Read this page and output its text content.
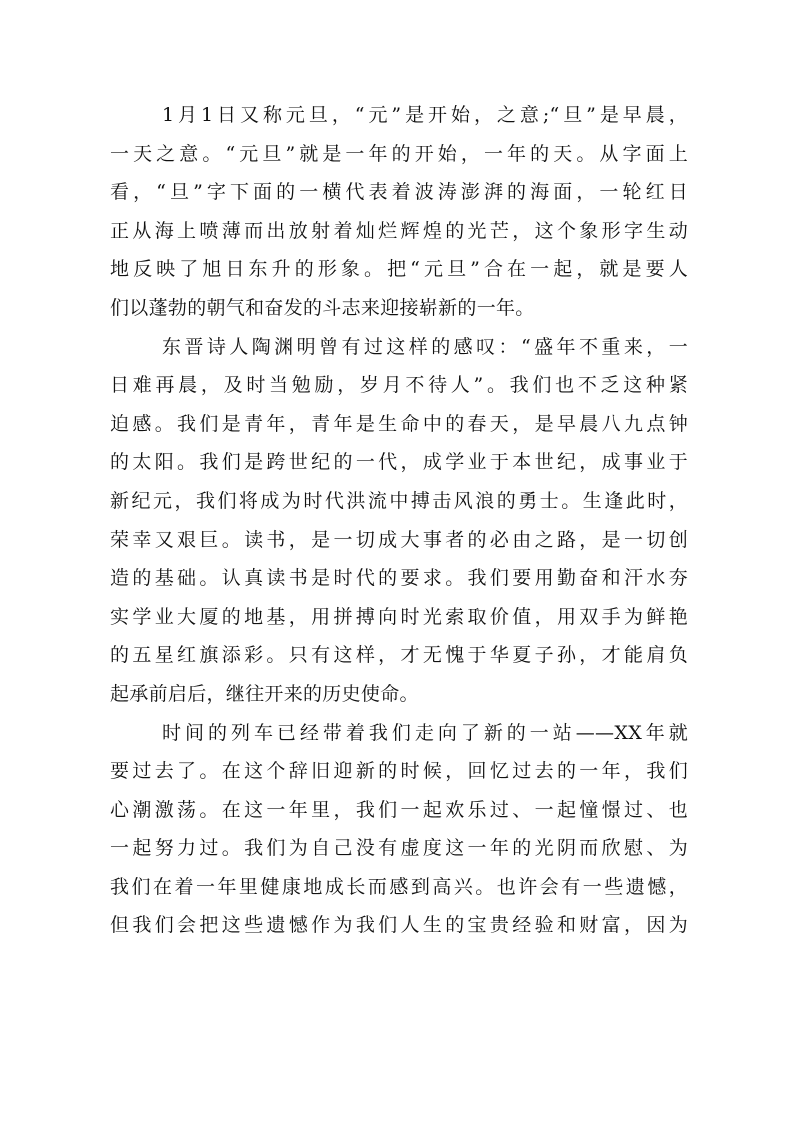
1月1日又称元旦，“元”是开始，之意;“旦”是早晨，
一天之意。“元旦”就是一年的开始，一年的天。从字面上
看，“旦”字下面的一横代表着波涛澎湃的海面，一轮红日
正从海上喷薄而出放射着灿烂辉煌的光芒，这个象形字生动
地反映了旭日东升的形象。把“元旦”合在一起，就是要人
们以蓬勃的朝气和奋发的斗志来迎接崭新的一年。
东晋诗人陶渊明曾有过这样的感叹：“盛年不重来，一
日难再晨，及时当勉励，岁月不待人”。我们也不乏这种紧
迫感。我们是青年，青年是生命中的春天，是早晨八九点钟
的太阳。我们是跨世纪的一代，成学业于本世纪，成事业于
新纪元，我们将成为时代洪流中搏击风浪的勇士。生逢此时，
荣幸又艰巨。读书，是一切成大事者的必由之路，是一切创
造的基础。认真读书是时代的要求。我们要用勤奋和汗水夯
实学业大厦的地基，用拼搏向时光索取价值，用双手为鲜艳
的五星红旗添彩。只有这样，才无愧于华夏子孙，才能肩负
起承前启后，继往开来的历史使命。
时间的列车已经带着我们走向了新的一站——XX年就
要过去了。在这个辞旧迎新的时候，回忆过去的一年，我们
心潮激荡。在这一年里，我们一起欢乐过、一起憧憬过、也
一起努力过。我们为自己没有虚度这一年的光阴而欣慰、为
我们在着一年里健康地成长而感到高兴。也许会有一些遗憾，
但我们会把这些遗憾作为我们人生的宝贵经验和财富，因为
